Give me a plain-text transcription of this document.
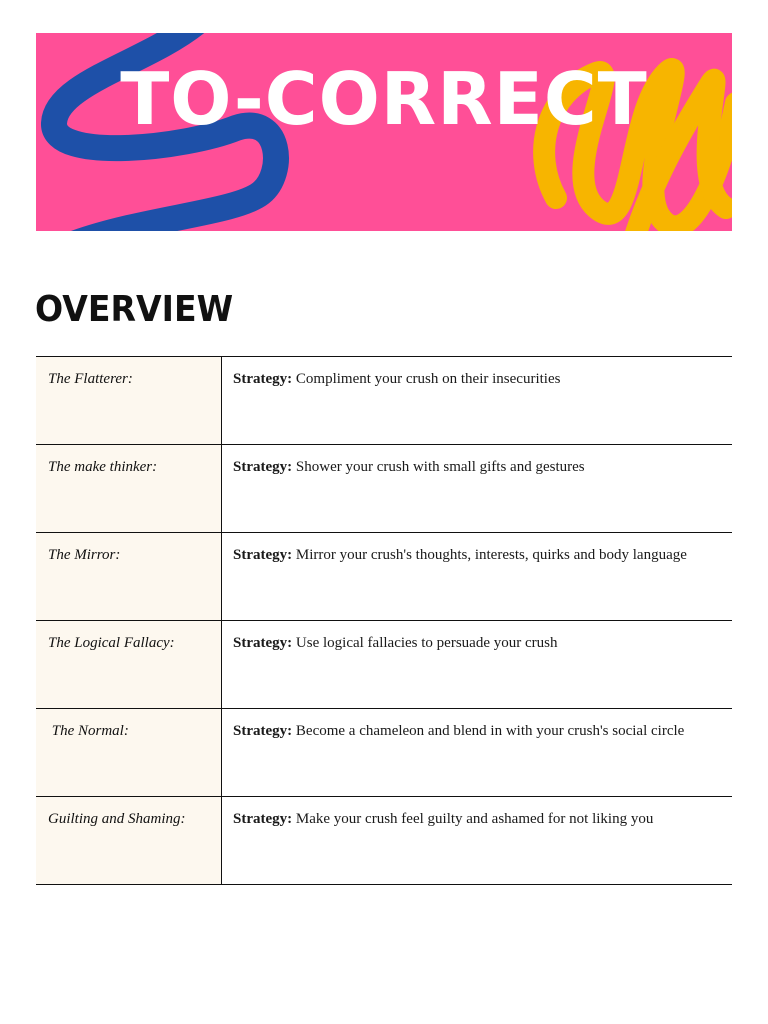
TO-CORRECT
OVERVIEW
The Flatterer:	Strategy: Compliment your crush on their insecurities
The make thinker:	Strategy: Shower your crush with small gifts and gestures
The Mirror:	Strategy: Mirror your crush's thoughts, interests, quirks and body language
The Logical Fallacy:	Strategy: Use logical fallacies to persuade your crush
The Normal:	Strategy: Become a chameleon and blend in with your crush's social circle
Guilting and Shaming:	Strategy: Make your crush feel guilty and ashamed for not liking you
